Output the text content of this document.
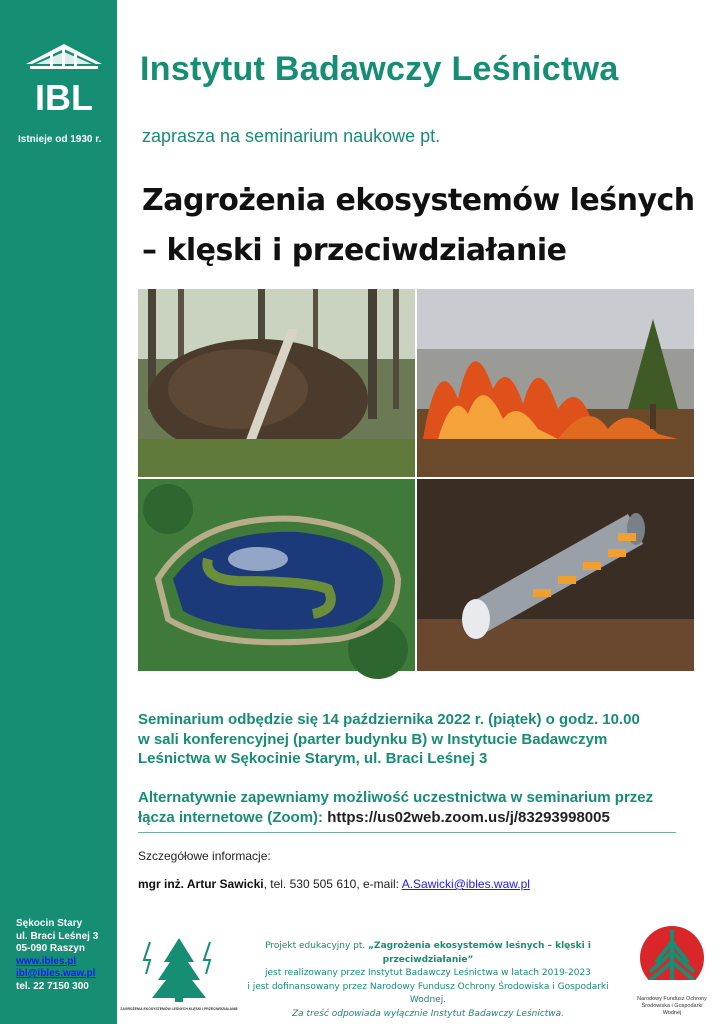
IBL
Istnieje od 1930 r.
Sękocin Stary
ul. Braci Leśnej 3
05-090 Raszyn
www.ibles.pl
ibl@ibles.waw.pl
tel. 22 7150 300
Instytut Badawczy Leśnictwa
zaprasza na seminarium naukowe pt.
Zagrożenia ekosystemów leśnych
– klęski i przeciwdziałanie

Seminarium odbędzie się 14 października 2022 r. (piątek) o godz. 10.00

w sali konferencyjnej (parter budynku B) w Instytucie Badawczym

Leśnictwa w Sękocinie Starym, ul. Braci Leśnej 3

Alternatywnie zapewniamy możliwość uczestnictwa w seminarium przez
łącza internetowe (Zoom): https://us02web.zoom.us/j/83293998005
Szczegółowe informacje:
mgr inż. Artur Sawicki, tel. 530 505 610, e-mail: A.Sawicki@ibles.waw.pl
ZAGROŻENIA EKOSYSTEMÓW LEŚNYCH KLĘSKI I PRZECIWDZIAŁANIE
Projekt edukacyjny pt. „Zagrożenia ekosystemów leśnych – klęski i przeciwdziałanie”
jest realizowany przez Instytut Badawczy Leśnictwa w latach 2019-2023
i jest dofinansowany przez Narodowy Fundusz Ochrony Środowiska i Gospodarki Wodnej.
Za treść odpowiada wyłącznie Instytut Badawczy Leśnictwa.
Narodowy Fundusz Ochrony Środowiska i Gospodarki Wodnej
